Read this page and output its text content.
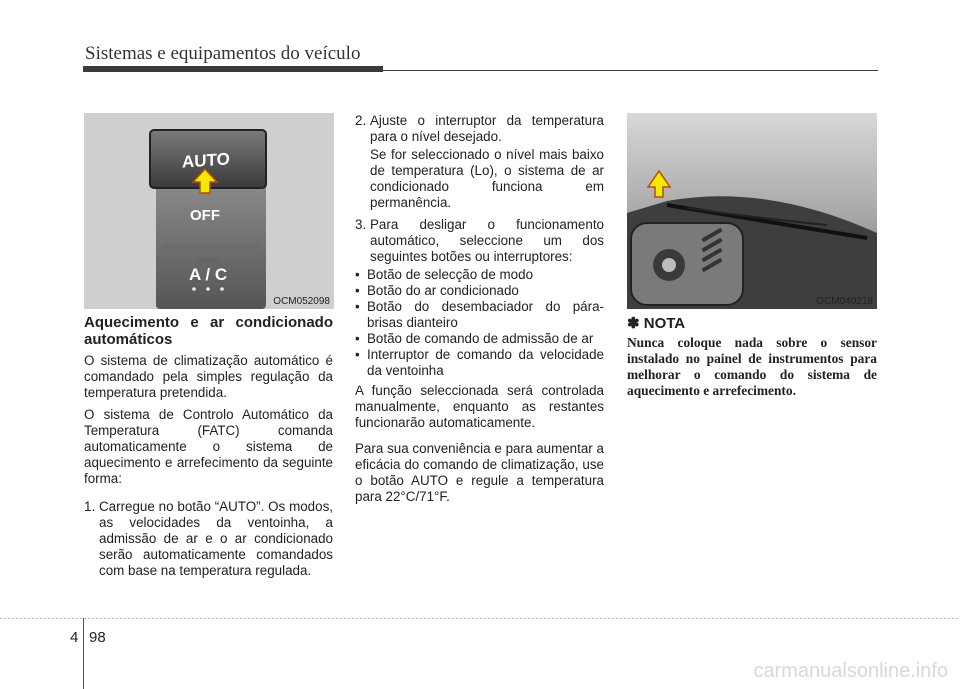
Sistemas e equipamentos do veículo
AUTO
OFF
A / C
OCM052098
Aquecimento e ar condicionado automáticos

O sistema de climatização automático é comandado pela simples regulação da temperatura pretendida.

O sistema de Controlo Automático da Temperatura (FATC) comanda automaticamente o sistema de aquecimento e arrefecimento da seguinte forma:

1. Carregue no botão “AUTO”. Os modos, as velocidades da ventoinha, a admissão de ar e o ar condicionado serão automaticamente comandados com base na temperatura regulada.
2. Ajuste o interruptor da temperatura para o nível desejado.

Se for seleccionado o nível mais baixo de temperatura (Lo), o sistema de ar condicionado funciona em permanência.

3. Para desligar o funcionamento automático, seleccione um dos seguintes botões ou interruptores:
• Botão de selecção de modo
• Botão do ar condicionado
• Botão do desembaciador do pára-brisas dianteiro
• Botão de comando de admissão de ar
• Interruptor de comando da velocidade da ventoinha

A função seleccionada será controlada manualmente, enquanto as restantes funcionarão automaticamente.

Para sua conveniência e para aumentar a eficácia do comando de climatização, use o botão AUTO e regule a temperatura para 22°C/71°F.

OCM040218
✽ NOTA
Nunca coloque nada sobre o sensor instalado no painel de instrumentos para melhorar o comando do sistema de aquecimento e arrefecimento.
4 98
carmanualsonline.info
